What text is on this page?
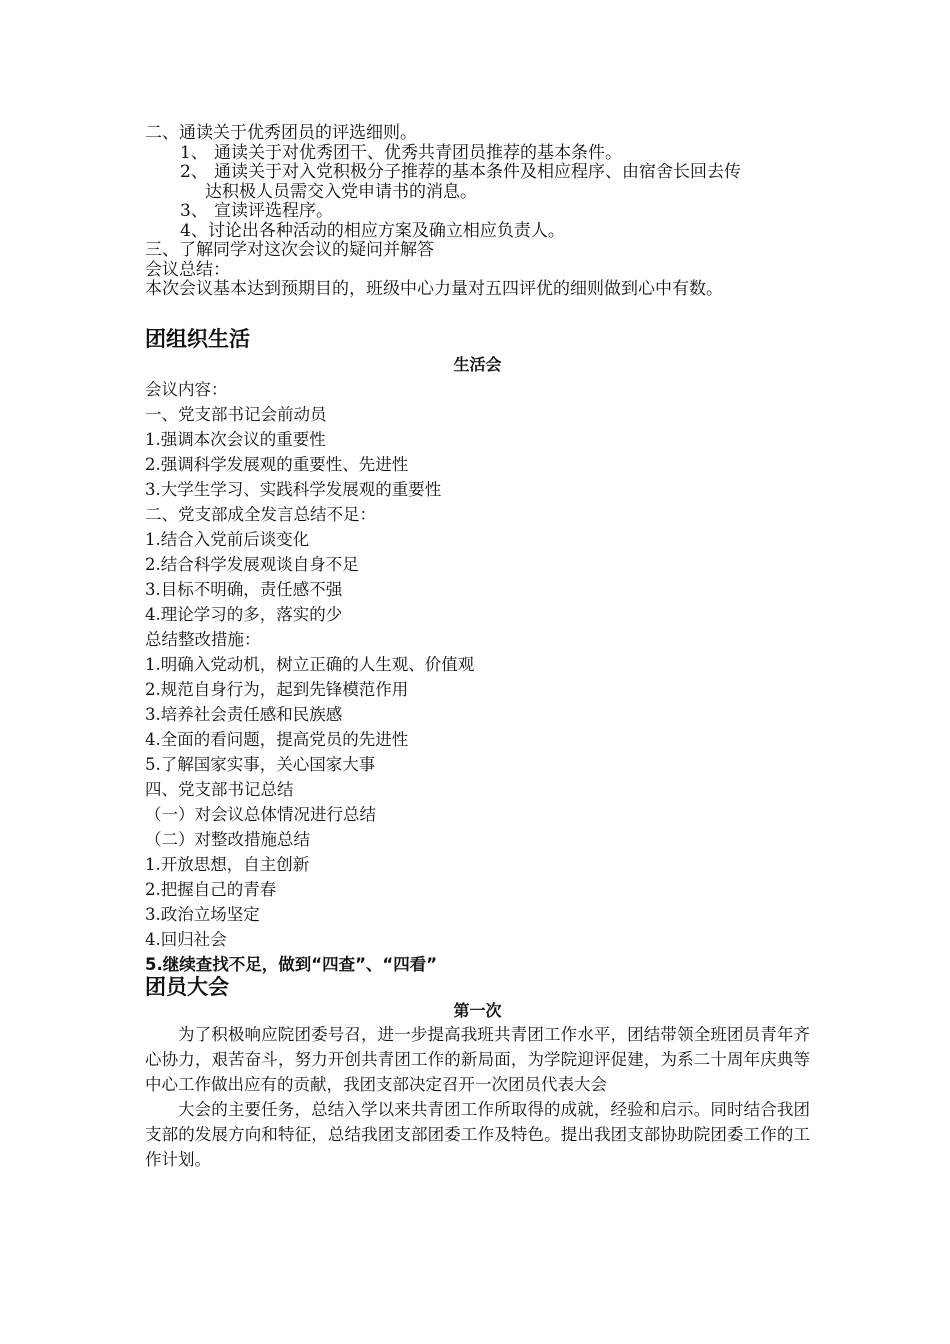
二、通读关于优秀团员的评选细则。
1、 通读关于对优秀团干、优秀共青团员推荐的基本条件。
2、 通读关于对入党积极分子推荐的基本条件及相应程序、由宿舍长回去传
达积极人员需交入党申请书的消息。
3、 宣读评选程序。
4、讨论出各种活动的相应方案及确立相应负责人。
三、了解同学对这次会议的疑问并解答
会议总结：
本次会议基本达到预期目的，班级中心力量对五四评优的细则做到心中有数。
团组织生活
生活会
会议内容：
一、党支部书记会前动员
1.强调本次会议的重要性
2.强调科学发展观的重要性、先进性
3.大学生学习、实践科学发展观的重要性
二、党支部成全发言总结不足：
1.结合入党前后谈变化
2.结合科学发展观谈自身不足
3.目标不明确，责任感不强
4.理论学习的多，落实的少
总结整改措施：
1.明确入党动机，树立正确的人生观、价值观
2.规范自身行为，起到先锋模范作用
3.培养社会责任感和民族感
4.全面的看问题，提高党员的先进性
5.了解国家实事，关心国家大事
四、党支部书记总结
（一）对会议总体情况进行总结
（二）对整改措施总结
1.开放思想，自主创新
2.把握自己的青春
3.政治立场坚定
4.回归社会
5.继续查找不足，做到“四查”、“四看”
团员大会
第一次

为了积极响应院团委号召，进一步提高我班共青团工作水平，团结带领全班团员青年齐心协力，艰苦奋斗，努力开创共青团工作的新局面，为学院迎评促建，为系二十周年庆典等中心工作做出应有的贡献，我团支部决定召开一次团员代表大会

大会的主要任务，总结入学以来共青团工作所取得的成就，经验和启示。同时结合我团支部的发展方向和特征，总结我团支部团委工作及特色。提出我团支部协助院团委工作的工作计划。
